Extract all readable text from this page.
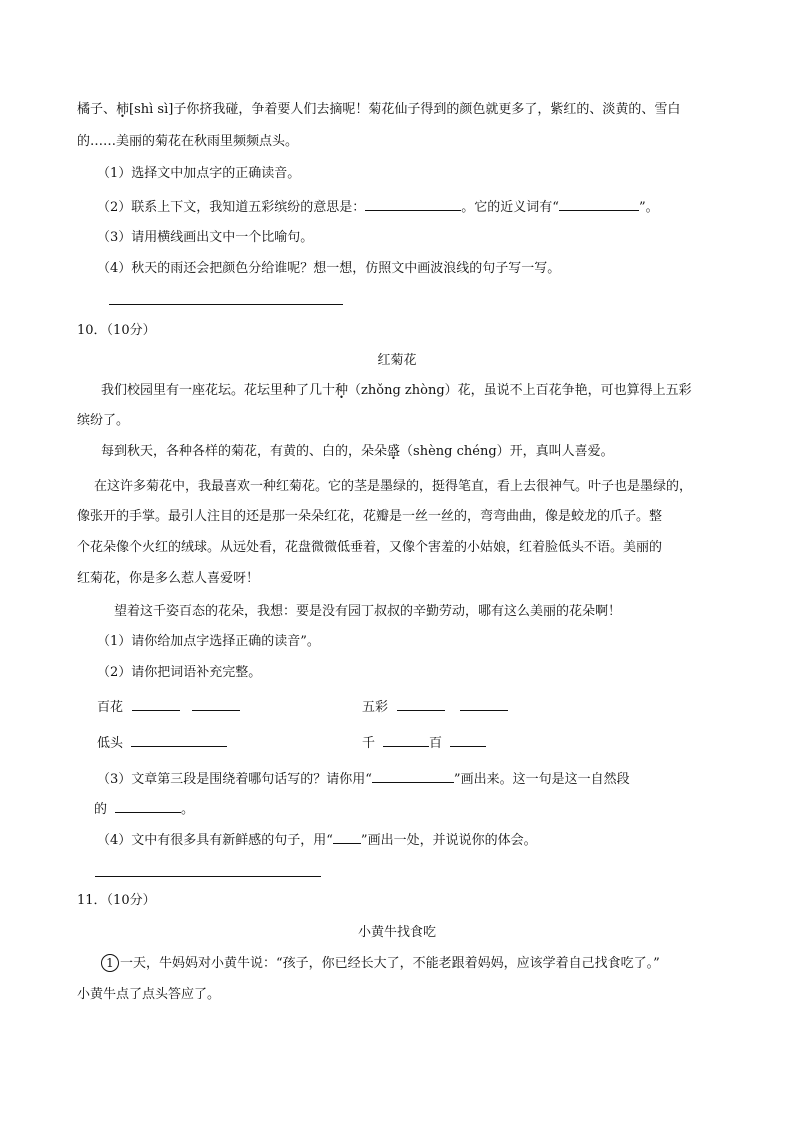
橘子、柿[shì sì]子你挤我碰，争着要人们去摘呢！菊花仙子得到的颜色就更多了，紫红的、淡黄的、雪白
的……美丽的菊花在秋雨里频频点头。
（1）选择文中加点字的正确读音。
（2）联系上下文，我知道五彩缤纷的意思是：	。它的近义词有“	”。
（3）请用横线画出文中一个比喻句。
（4）秋天的雨还会把颜色分给谁呢？想一想，仿照文中画波浪线的句子写一写。
10．（10分）
红菊花
我们校园里有一座花坛。花坛里种了几十种（zhǒng zhòng）花，虽说不上百花争艳，可也算得上五彩
缤纷了。
每到秋天，各种各样的菊花，有黄的、白的，朵朵盛（shèng chéng）开，真叫人喜爱。
在这许多菊花中，我最喜欢一种红菊花。它的茎是墨绿的，挺得笔直，看上去很神气。叶子也是墨绿的，
像张开的手掌。最引人注目的还是那一朵朵红花，花瓣是一丝一丝的，弯弯曲曲，像是蛟龙的爪子。整
个花朵像个火红的绒球。从远处看，花盘微微低垂着，又像个害羞的小姑娘，红着脸低头不语。美丽的
红菊花，你是多么惹人喜爱呀！
望着这千姿百态的花朵，我想：要是没有园丁叔叔的辛勤劳动，哪有这么美丽的花朵啊！
（1）请你给加点字选择正确的读音”。
（2）请你把词语补充完整。
百花	五彩
低头	千	百
（3）文章第三段是围绕着哪句话写的？请你用“	”画出来。这一句是这一自然段
的	。
（4）文中有很多具有新鲜感的句子，用“ ”画出一处，并说说你的体会。
11．（10分）
小黄牛找食吃
1 一天，牛妈妈对小黄牛说：“孩子，你已经长大了，不能老跟着妈妈，应该学着自己找食吃了。”
小黄牛点了点头答应了。
